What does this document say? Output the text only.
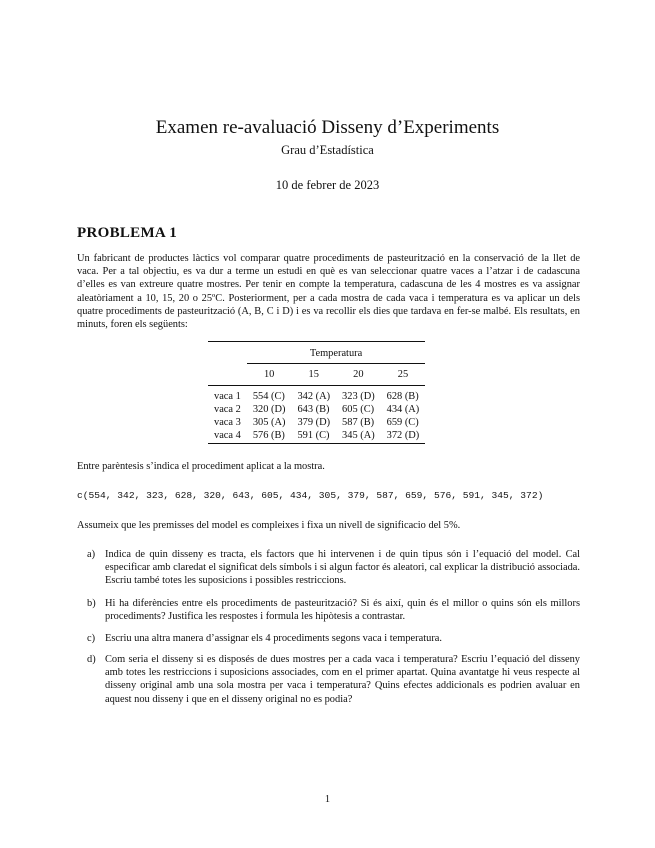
Examen re-avaluació Disseny d’Experiments
Grau d’Estadística
10 de febrer de 2023
PROBLEMA 1
Un fabricant de productes làctics vol comparar quatre procediments de pasteurització en la conservació de la llet de vaca. Per a tal objectiu, es va dur a terme un estudi en què es van seleccionar quatre vaces a l’atzar i de cadascuna d’elles es van extreure quatre mostres. Per tenir en compte la temperatura, cadascuna de les 4 mostres es va assignar aleatòriament a 10, 15, 20 o 25ºC. Posteriorment, per a cada mostra de cada vaca i temperatura es va aplicar un dels quatre procediments de pasteurització (A, B, C i D) i es va recollir els dies que tardava en fer-se malbé. Els resultats, en minuts, foren els següents:
	Temperatura			
	10	15	20	25
vaca 1	554 (C)	342 (A)	323 (D)	628 (B)
vaca 2	320 (D)	643 (B)	605 (C)	434 (A)
vaca 3	305 (A)	379 (D)	587 (B)	659 (C)
vaca 4	576 (B)	591 (C)	345 (A)	372 (D)
Entre parèntesis s’indica el procediment aplicat a la mostra.
c(554, 342, 323, 628, 320, 643, 605, 434, 305, 379, 587, 659, 576, 591, 345, 372)
Assumeix que les premisses del model es compleixes i fixa un nivell de significacio del 5%.
a) Indica de quin disseny es tracta, els factors que hi intervenen i de quin tipus són i l’equació del model. Cal especificar amb claredat el significat dels símbols i si algun factor és aleatori, cal explicar la distribució associada. Escriu també totes les suposicions i possibles restriccions.
b) Hi ha diferències entre els procediments de pasteurització? Si és així, quin és el millor o quins són els millors procediments? Justifica les respostes i formula les hipòtesis a contrastar.
c) Escriu una altra manera d’assignar els 4 procediments segons vaca i temperatura.
d) Com seria el disseny si es disposés de dues mostres per a cada vaca i temperatura? Escriu l’equació del disseny amb totes les restriccions i suposicions associades, com en el primer apartat. Quina avantatge hi veus respecte al disseny original amb una sola mostra per vaca i temperatura? Quins efectes addicionals es podrien avaluar en aquest nou disseny i que en el disseny original no es podia?
1
